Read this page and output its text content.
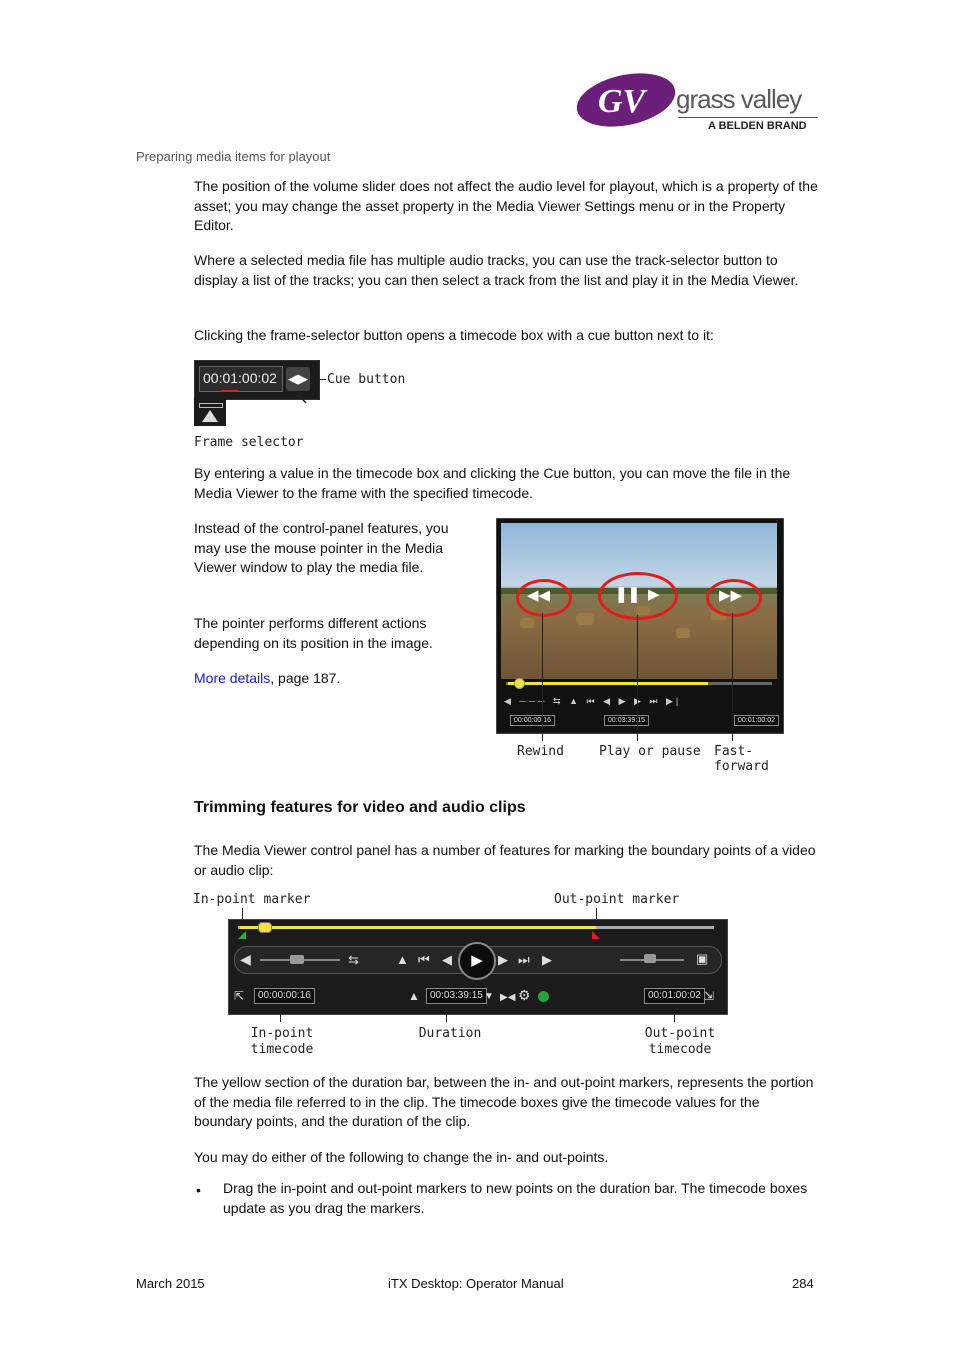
GV grass valley
A BELDEN BRAND
Preparing media items for playout

The position of the volume slider does not affect the audio level for playout, which is a property of the asset; you may change the asset property in the Media Viewer Settings menu or in the Property Editor.

Where a selected media file has multiple audio tracks, you can use the track-selector button to display a list of the tracks; you can then select a track from the list and play it in the Media Viewer.

Clicking the frame-selector button opens a timecode box with a cue button next to it:

00:01:00:02 ◀▶
↖
Cue button
Frame selector

By entering a value in the timecode box and clicking the Cue button, you can move the file in the Media Viewer to the frame with the specified timecode.

Instead of the control-panel features, you may use the mouse pointer in the Media Viewer window to play the media file.

The pointer performs different actions depending on its position in the image.

More details, page 187.

◀◀	❚❚ ▶	▶▶
◀ ─── ⇆ ▲ ⏮ ◀ ▶ ▶ ⏭ ▶|
00:00:00:16	00:03:39:15	00:01:00:02
Rewind	Play or pause Fast-forward
Trimming features for video and audio clips

The Media Viewer control panel has a number of features for marking the boundary points of a video or audio clip:

In-point marker	Out-point marker
◀	⇆	▲ ⏮ ◀	▶	▶ ⏭ ▶	▣
⇱	00:00:00:16	▲	00:03:39:15 ▼ ▶◀ ⚙	00:01:00:02 ⇲
In-point
timecode
Duration	Out-point
timecode

The yellow section of the duration bar, between the in- and out-point markers, represents the portion of the media file referred to in the clip. The timecode boxes give the timecode values for the boundary points, and the duration of the clip.

You may do either of the following to change the in- and out-points.

• Drag the in-point and out-point markers to new points on the duration bar. The timecode boxes update as you drag the markers.

March 2015	iTX Desktop: Operator Manual	284
